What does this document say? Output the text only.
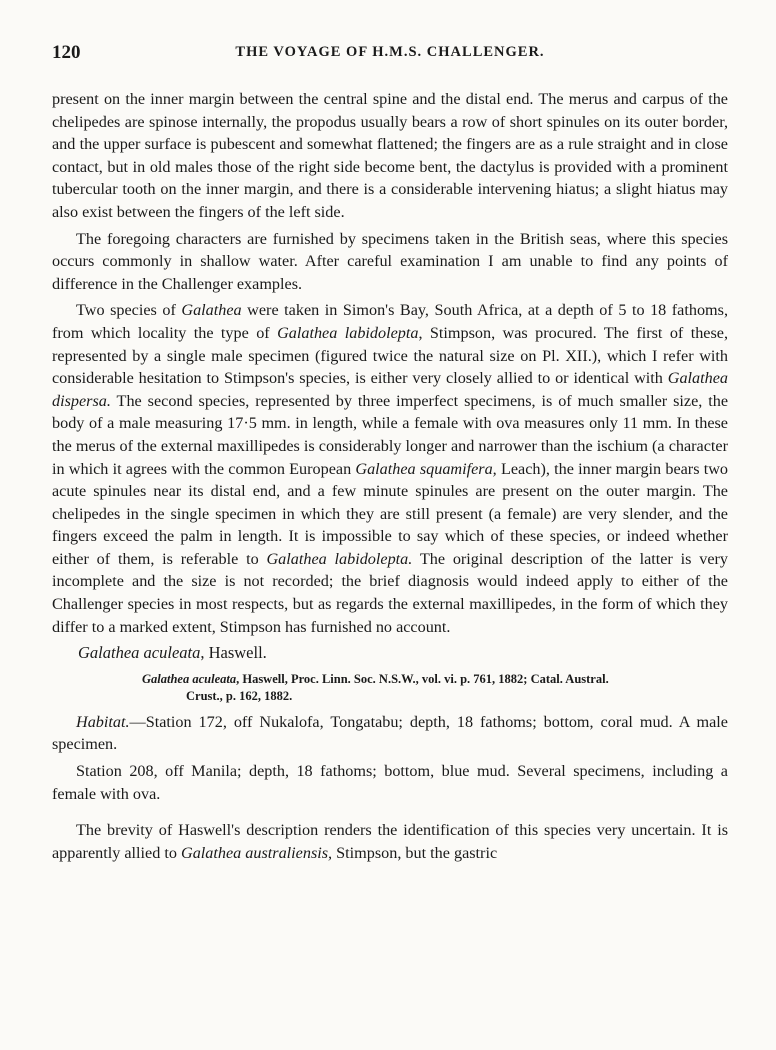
120	THE VOYAGE OF H.M.S. CHALLENGER.

present on the inner margin between the central spine and the distal end. The merus and carpus of the chelipedes are spinose internally, the propodus usually bears a row of short spinules on its outer border, and the upper surface is pubescent and somewhat flattened; the fingers are as a rule straight and in close contact, but in old males those of the right side become bent, the dactylus is provided with a prominent tubercular tooth on the inner margin, and there is a considerable intervening hiatus; a slight hiatus may also exist between the fingers of the left side.

The foregoing characters are furnished by specimens taken in the British seas, where this species occurs commonly in shallow water. After careful examination I am unable to find any points of difference in the Challenger examples.

Two species of Galathea were taken in Simon's Bay, South Africa, at a depth of 5 to 18 fathoms, from which locality the type of Galathea labidolepta, Stimpson, was procured. The first of these, represented by a single male specimen (figured twice the natural size on Pl. XII.), which I refer with considerable hesitation to Stimpson's species, is either very closely allied to or identical with Galathea dispersa. The second species, represented by three imperfect specimens, is of much smaller size, the body of a male measuring 17·5 mm. in length, while a female with ova measures only 11 mm. In these the merus of the external maxillipedes is considerably longer and narrower than the ischium (a character in which it agrees with the common European Galathea squamifera, Leach), the inner margin bears two acute spinules near its distal end, and a few minute spinules are present on the outer margin. The chelipedes in the single specimen in which they are still present (a female) are very slender, and the fingers exceed the palm in length. It is impossible to say which of these species, or indeed whether either of them, is referable to Galathea labidolepta. The original description of the latter is very incomplete and the size is not recorded; the brief diagnosis would indeed apply to either of the Challenger species in most respects, but as regards the external maxillipedes, in the form of which they differ to a marked extent, Stimpson has furnished no account.

Galathea aculeata, Haswell.

Galathea aculeata, Haswell, Proc. Linn. Soc. N.S.W., vol. vi. p. 761, 1882; Catal. Austral.
Crust., p. 162, 1882.

Habitat.—Station 172, off Nukalofa, Tongatabu; depth, 18 fathoms; bottom, coral mud. A male specimen.

Station 208, off Manila; depth, 18 fathoms; bottom, blue mud. Several specimens, including a female with ova.

The brevity of Haswell's description renders the identification of this species very uncertain. It is apparently allied to Galathea australiensis, Stimpson, but the gastric
